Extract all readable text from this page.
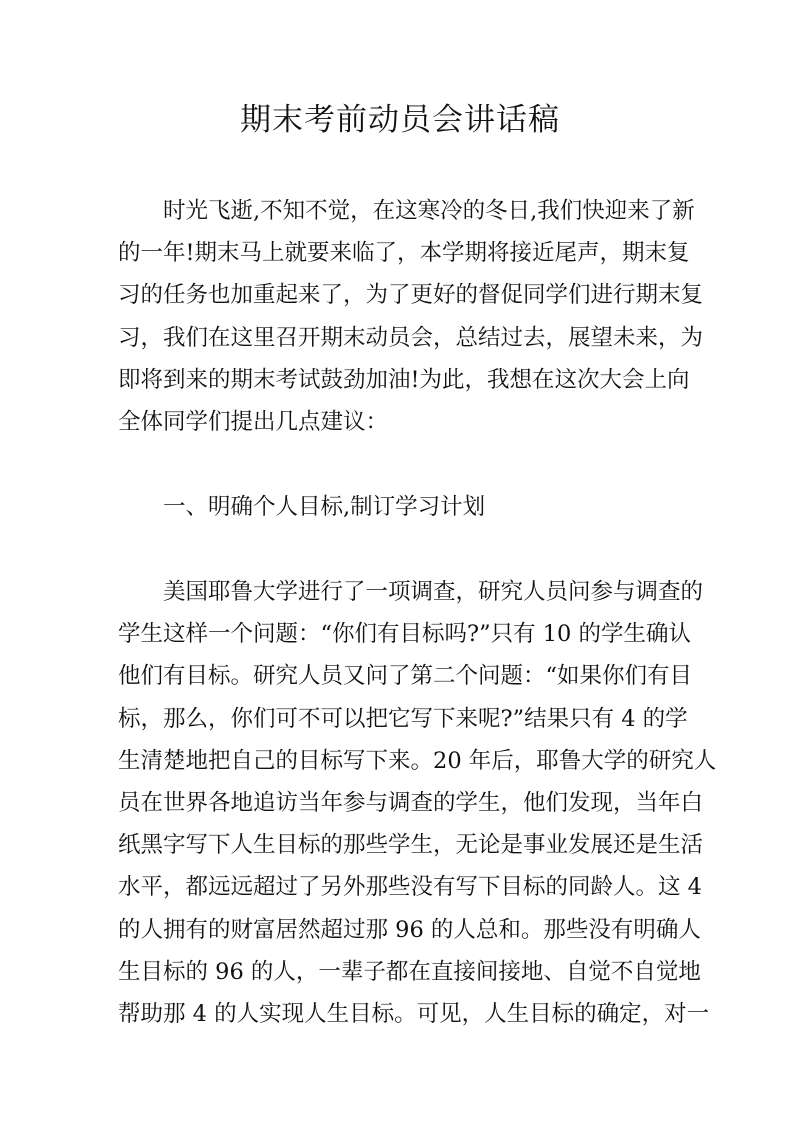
期末考前动员会讲话稿
时光飞逝,不知不觉，在这寒冷的冬日,我们快迎来了新
的一年!期末马上就要来临了，本学期将接近尾声，期末复
习的任务也加重起来了，为了更好的督促同学们进行期末复
习，我们在这里召开期末动员会，总结过去，展望未来，为
即将到来的期末考试鼓劲加油!为此，我想在这次大会上向
全体同学们提出几点建议：
一、明确个人目标,制订学习计划
美国耶鲁大学进行了一项调查，研究人员问参与调查的
学生这样一个问题：“你们有目标吗?”只有 10 的学生确认
他们有目标。研究人员又问了第二个问题：“如果你们有目
标，那么，你们可不可以把它写下来呢?”结果只有 4 的学
生清楚地把自己的目标写下来。20 年后，耶鲁大学的研究人
员在世界各地追访当年参与调查的学生，他们发现，当年白
纸黑字写下人生目标的那些学生，无论是事业发展还是生活
水平，都远远超过了另外那些没有写下目标的同龄人。这 4
的人拥有的财富居然超过那 96 的人总和。那些没有明确人
生目标的 96 的人，一辈子都在直接间接地、自觉不自觉地
帮助那 4 的人实现人生目标。可见，人生目标的确定，对一
